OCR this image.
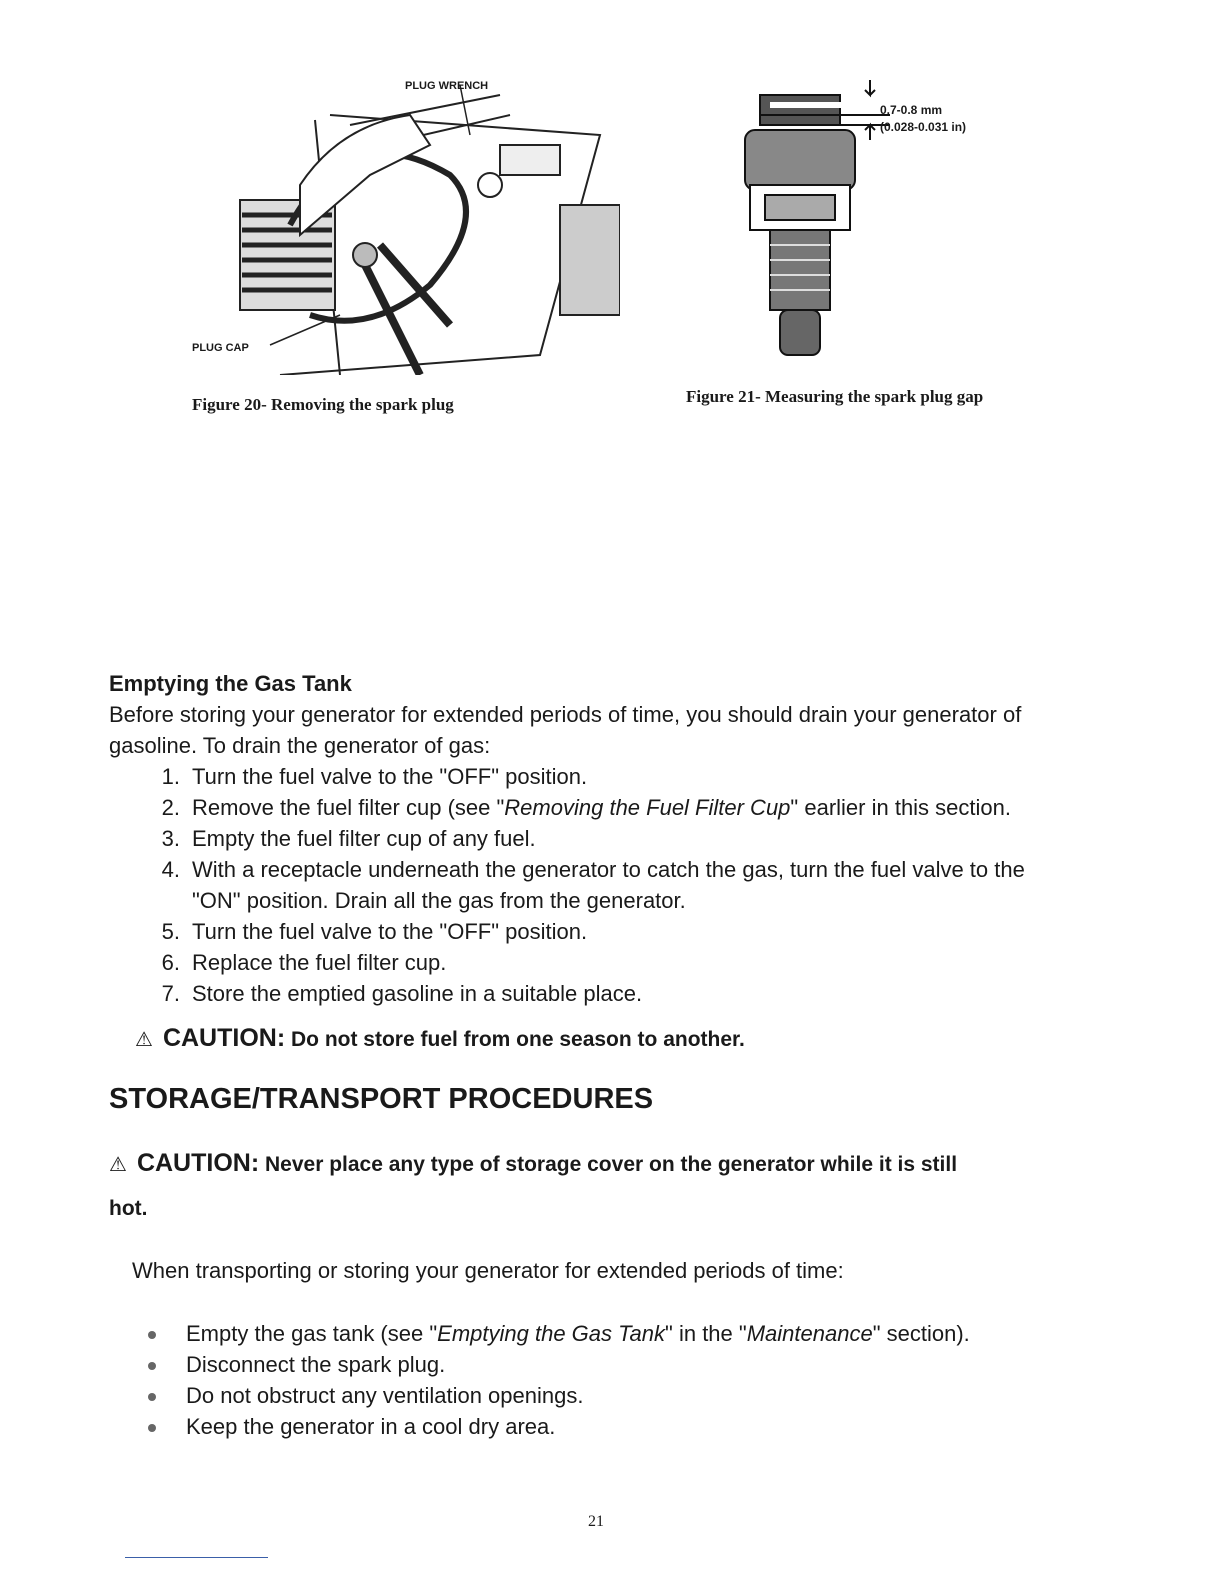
PLUG WRENCH
PLUG CAP
Figure 20- Removing the spark plug
0.7-0.8 mm
(0.028-0.031 in)
Figure 21- Measuring the spark plug gap
Emptying the Gas Tank
Before storing your generator for extended periods of time, you should drain your generator of
gasoline. To drain the generator of gas:
1. Turn the fuel valve to the "OFF" position.
2. Remove the fuel filter cup (see "Removing the Fuel Filter Cup" earlier in this section.
3. Empty the fuel filter cup of any fuel.
4. With a receptacle underneath the generator to catch the gas, turn the fuel valve to the
"ON" position. Drain all the gas from the generator.
5. Turn the fuel valve to the "OFF" position.
6. Replace the fuel filter cup.
7. Store the emptied gasoline in a suitable place.
⚠ CAUTION: Do not store fuel from one season to another.
STORAGE/TRANSPORT PROCEDURES
⚠ CAUTION: Never place any type of storage cover on the generator while it is still
hot.
When transporting or storing your generator for extended periods of time:
Empty the gas tank (see "Emptying the Gas Tank" in the "Maintenance" section).
Disconnect the spark plug.
Do not obstruct any ventilation openings.
Keep the generator in a cool dry area.
21
